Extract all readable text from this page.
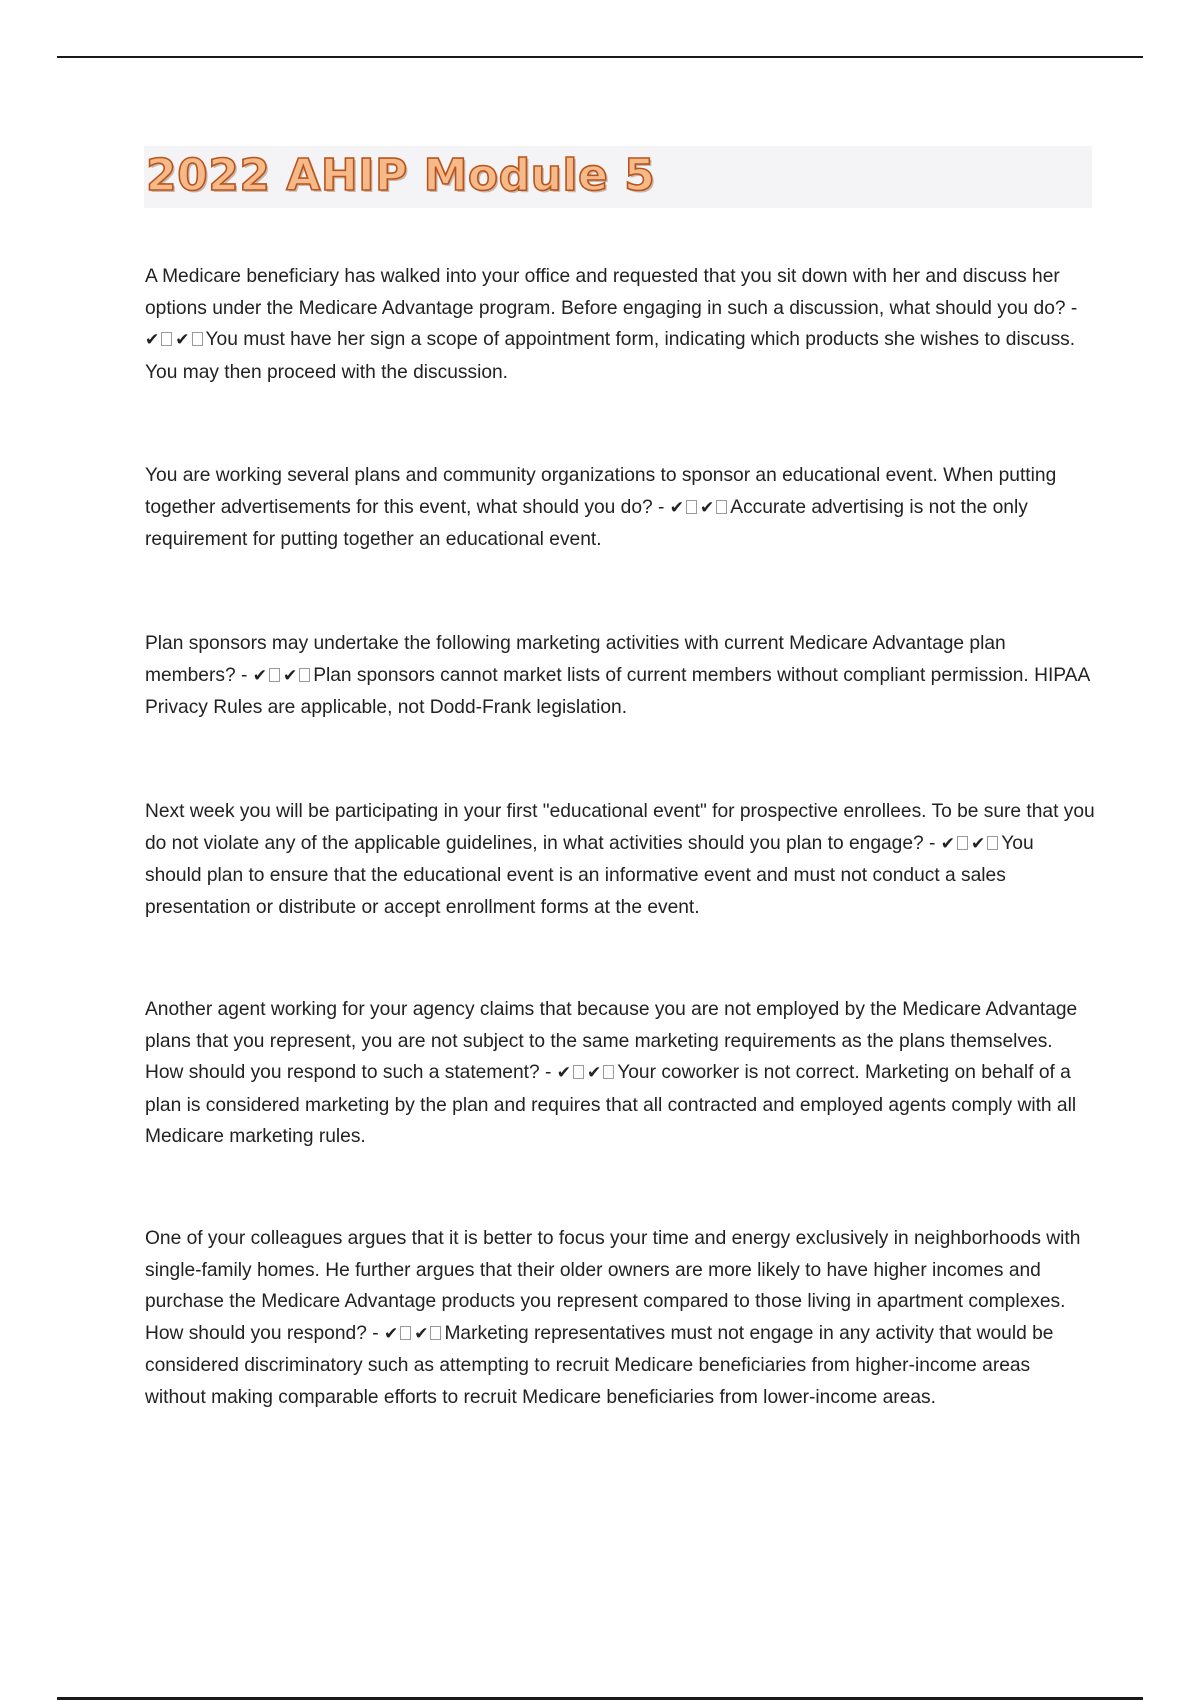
2022 AHIP Module 5
A Medicare beneficiary has walked into your office and requested that you sit down with her and discuss her options under the Medicare Advantage program. Before engaging in such a discussion, what should you do? - ✔ ✔ You must have her sign a scope of appointment form, indicating which products she wishes to discuss. You may then proceed with the discussion.
You are working several plans and community organizations to sponsor an educational event. When putting together advertisements for this event, what should you do? - ✔ ✔ Accurate advertising is not the only requirement for putting together an educational event.
Plan sponsors may undertake the following marketing activities with current Medicare Advantage plan members? - ✔ ✔ Plan sponsors cannot market lists of current members without compliant permission. HIPAA Privacy Rules are applicable, not Dodd-Frank legislation.
Next week you will be participating in your first "educational event" for prospective enrollees. To be sure that you do not violate any of the applicable guidelines, in what activities should you plan to engage? - ✔ ✔ You should plan to ensure that the educational event is an informative event and must not conduct a sales presentation or distribute or accept enrollment forms at the event.
Another agent working for your agency claims that because you are not employed by the Medicare Advantage plans that you represent, you are not subject to the same marketing requirements as the plans themselves. How should you respond to such a statement? - ✔ ✔ Your coworker is not correct. Marketing on behalf of a plan is considered marketing by the plan and requires that all contracted and employed agents comply with all Medicare marketing rules.
One of your colleagues argues that it is better to focus your time and energy exclusively in neighborhoods with single-family homes. He further argues that their older owners are more likely to have higher incomes and purchase the Medicare Advantage products you represent compared to those living in apartment complexes. How should you respond? - ✔ ✔ Marketing representatives must not engage in any activity that would be considered discriminatory such as attempting to recruit Medicare beneficiaries from higher-income areas without making comparable efforts to recruit Medicare beneficiaries from lower-income areas.
